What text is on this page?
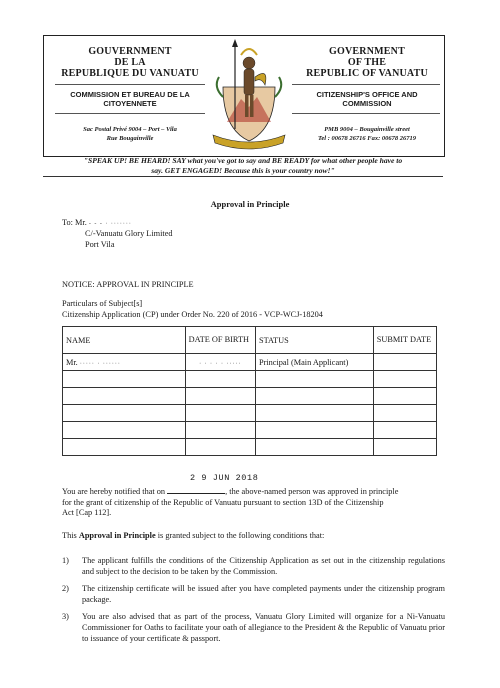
GOUVERNMENT
DE LA
REPUBLIQUE DU VANUATU
COMMISSION ET BUREAU DE LA
CITOYENNETE
Sac Postal Privé 9004 – Port – Vila
Rue Bougainville
GOVERNMENT
OF THE
REPUBLIC OF VANUATU
CITIZENSHIP'S OFFICE AND
COMMISSION
PMB 9004 – Bougainville street
Tel : 00678 26716 Fax: 00678 26719
"SPEAK UP! BE HEARD! SAY what you've got to say and BE READY for what other people have to
say. GET ENGAGED! Because this is your country now!"
Approval in Principle
To: Mr. - - - · ·······
C/-Vanuatu Glory Limited
Port Vila
NOTICE: APPROVAL IN PRINCIPLE
Particulars of Subject[s]
Citizenship Application (CP) under Order No. 220 of 2016 - VCP-WCJ-18204
NAME	DATE OF BIRTH	STATUS	SUBMIT DATE
Mr. ····· · ······	· · · · · ·····	Principal (Main Applicant)	

2 9 JUN 2018
You are hereby notified that on	, the above-named person was approved in principle
for the grant of citizenship of the Republic of Vanuatu pursuant to section 13D of the Citizenship
Act [Cap 112].
This Approval in Principle is granted subject to the following conditions that:
1) The applicant fulfills the conditions of the Citizenship Application as set out in the citizenship regulations and subject to the decision to be taken by the Commission.
2) The citizenship certificate will be issued after you have completed payments under the citizenship program package.
3) You are also advised that as part of the process, Vanuatu Glory Limited will organize for a Ni-Vanuatu Commissioner for Oaths to facilitate your oath of allegiance to the President & the Republic of Vanuatu prior to issuance of your certificate & passport.
